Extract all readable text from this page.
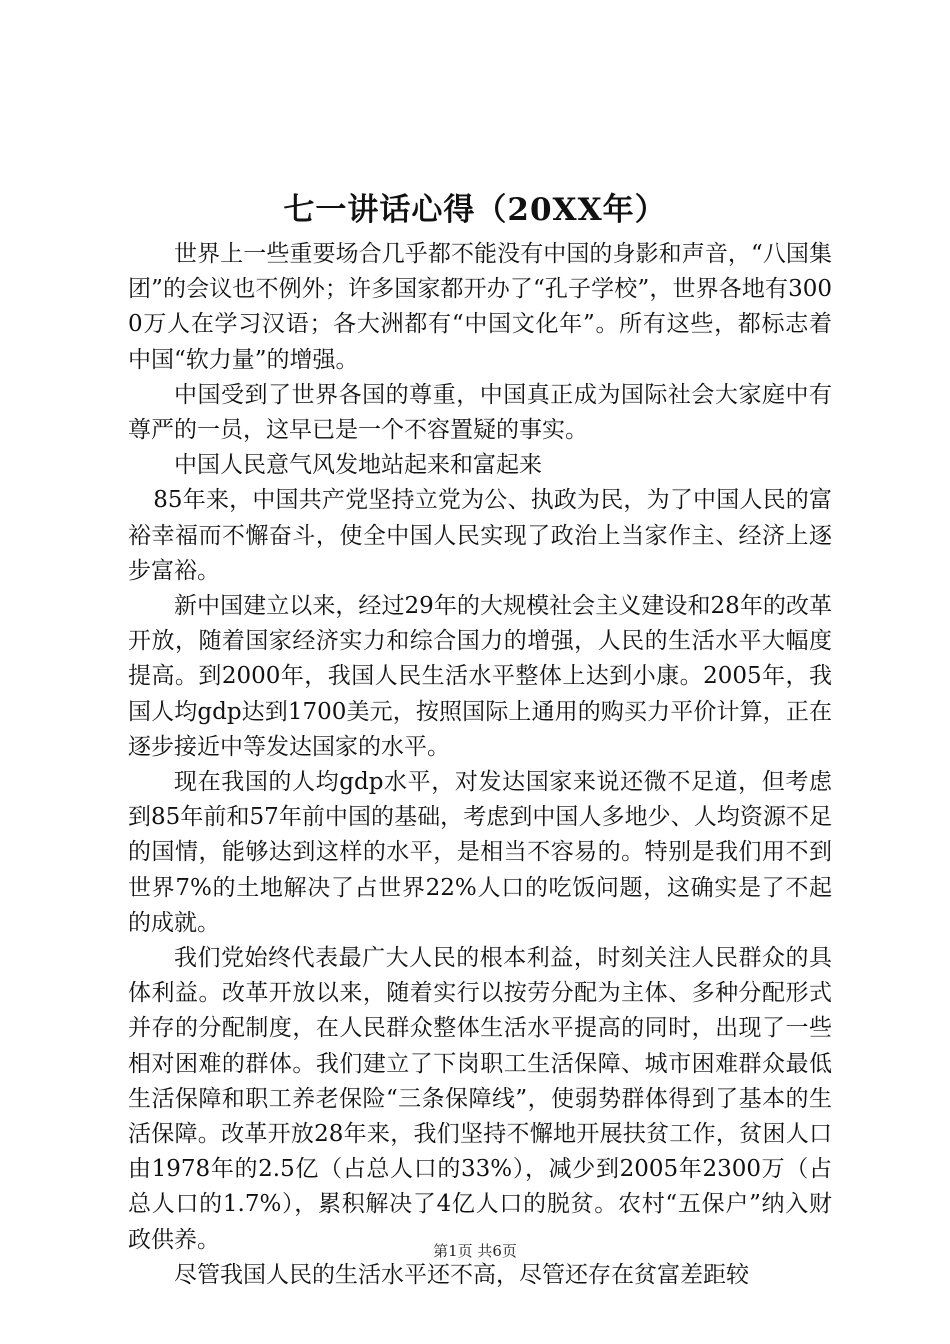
七一讲话心得（20XX年）

世界上一些重要场合几乎都不能没有中国的身影和声音，“八国集团”的会议也不例外；许多国家都开办了“孔子学校”，世界各地有3000万人在学习汉语；各大洲都有“中国文化年”。所有这些，都标志着中国“软力量”的增强。

中国受到了世界各国的尊重，中国真正成为国际社会大家庭中有尊严的一员，这早已是一个不容置疑的事实。

中国人民意气风发地站起来和富起来

85年来，中国共产党坚持立党为公、执政为民，为了中国人民的富裕幸福而不懈奋斗，使全中国人民实现了政治上当家作主、经济上逐步富裕。

新中国建立以来，经过29年的大规模社会主义建设和28年的改革开放，随着国家经济实力和综合国力的增强，人民的生活水平大幅度提高。到2000年，我国人民生活水平整体上达到小康。2005年，我国人均gdp达到1700美元，按照国际上通用的购买力平价计算，正在逐步接近中等发达国家的水平。

现在我国的人均gdp水平，对发达国家来说还微不足道，但考虑到85年前和57年前中国的基础，考虑到中国人多地少、人均资源不足的国情，能够达到这样的水平，是相当不容易的。特别是我们用不到世界7%的土地解决了占世界22%人口的吃饭问题，这确实是了不起的成就。

我们党始终代表最广大人民的根本利益，时刻关注人民群众的具体利益。改革开放以来，随着实行以按劳分配为主体、多种分配形式并存的分配制度，在人民群众整体生活水平提高的同时，出现了一些相对困难的群体。我们建立了下岗职工生活保障、城市困难群众最低生活保障和职工养老保险“三条保障线”，使弱势群体得到了基本的生活保障。改革开放28年来，我们坚持不懈地开展扶贫工作，贫困人口由1978年的2.5亿（占总人口的33%），减少到2005年2300万（占总人口的1.7%），累积解决了4亿人口的脱贫。农村“五保户”纳入财政供养。

尽管我国人民的生活水平还不高，尽管还存在贫富差距较

第1页 共6页
